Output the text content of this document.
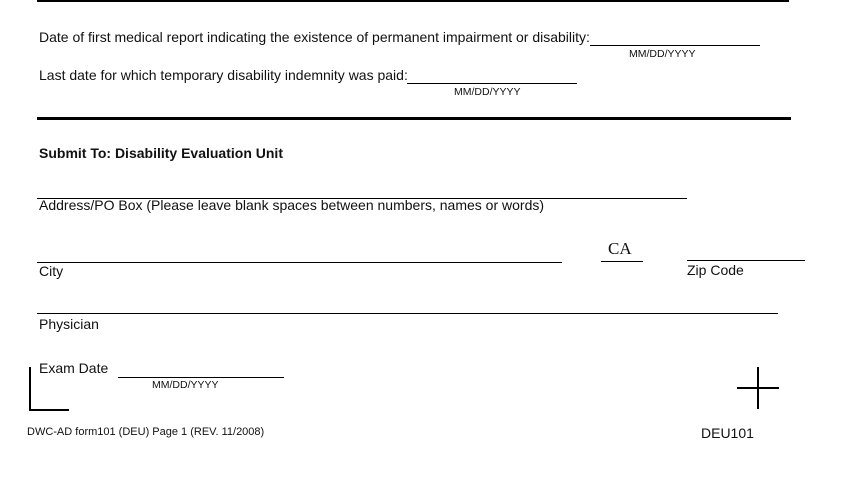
Date of first medical report indicating the existence of permanent impairment or disability:
MM/DD/YYYY
Last date for which temporary disability indemnity was paid:
MM/DD/YYYY
Submit To: Disability Evaluation Unit
Address/PO Box (Please leave blank spaces between numbers, names or words)
City
CA
Zip Code
Physician
Exam Date
MM/DD/YYYY
DWC-AD form101 (DEU) Page 1 (REV. 11/2008)	DEU101
